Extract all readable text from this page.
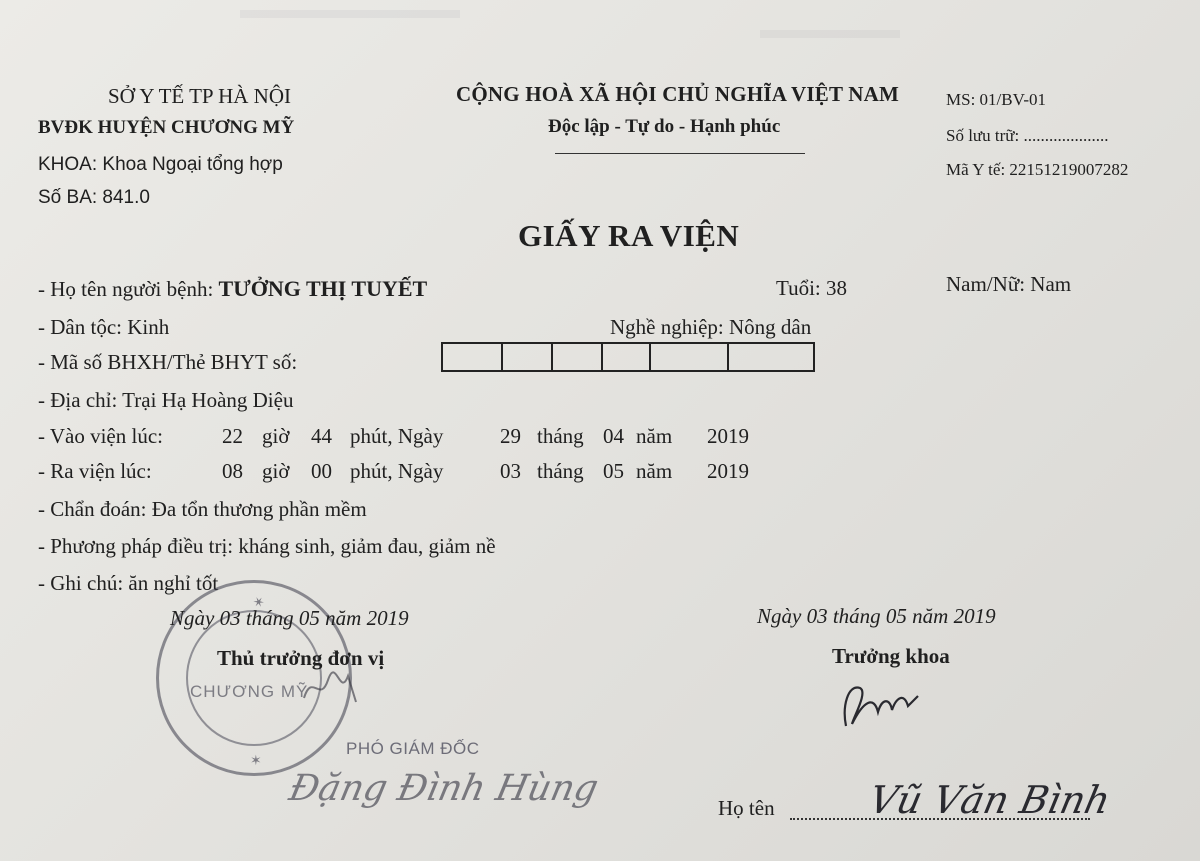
SỞ Y TẾ TP HÀ NỘI
BVĐK HUYỆN CHƯƠNG MỸ
KHOA: Khoa Ngoại tổng hợp
Số BA: 841.0
CỘNG HOÀ XÃ HỘI CHỦ NGHĨA VIỆT NAM
Độc lập - Tự do - Hạnh phúc
MS: 01/BV-01
Số lưu trữ: ....................
Mã Y tế: 22151219007282
GIẤY RA VIỆN
- Họ tên người bệnh: TƯỞNG THỊ TUYẾT	Tuổi: 38	Nam/Nữ: Nam
- Dân tộc: Kinh	Nghề nghiệp: Nông dân
- Mã số BHXH/Thẻ BHYT số:
- Địa chỉ: Trại Hạ Hoàng Diệu
- Vào viện lúc:	22 giờ 44 phút, Ngày	29 tháng 04 năm 2019
- Ra viện lúc:	08 giờ 00 phút, Ngày	03 tháng 05 năm 2019
- Chẩn đoán: Đa tổn thương phần mềm
- Phương pháp điều trị: kháng sinh, giảm đau, giảm nề
- Ghi chú: ăn nghỉ tốt
CHƯƠNG MỸ
✶
✶
Ngày 03 tháng 05 năm 2019
Thủ trưởng đơn vị
PHÓ GIÁM ĐỐC
Đặng Đình Hùng
Ngày 03 tháng 05 năm 2019
Trưởng khoa
Họ tên Vũ Văn Bình
